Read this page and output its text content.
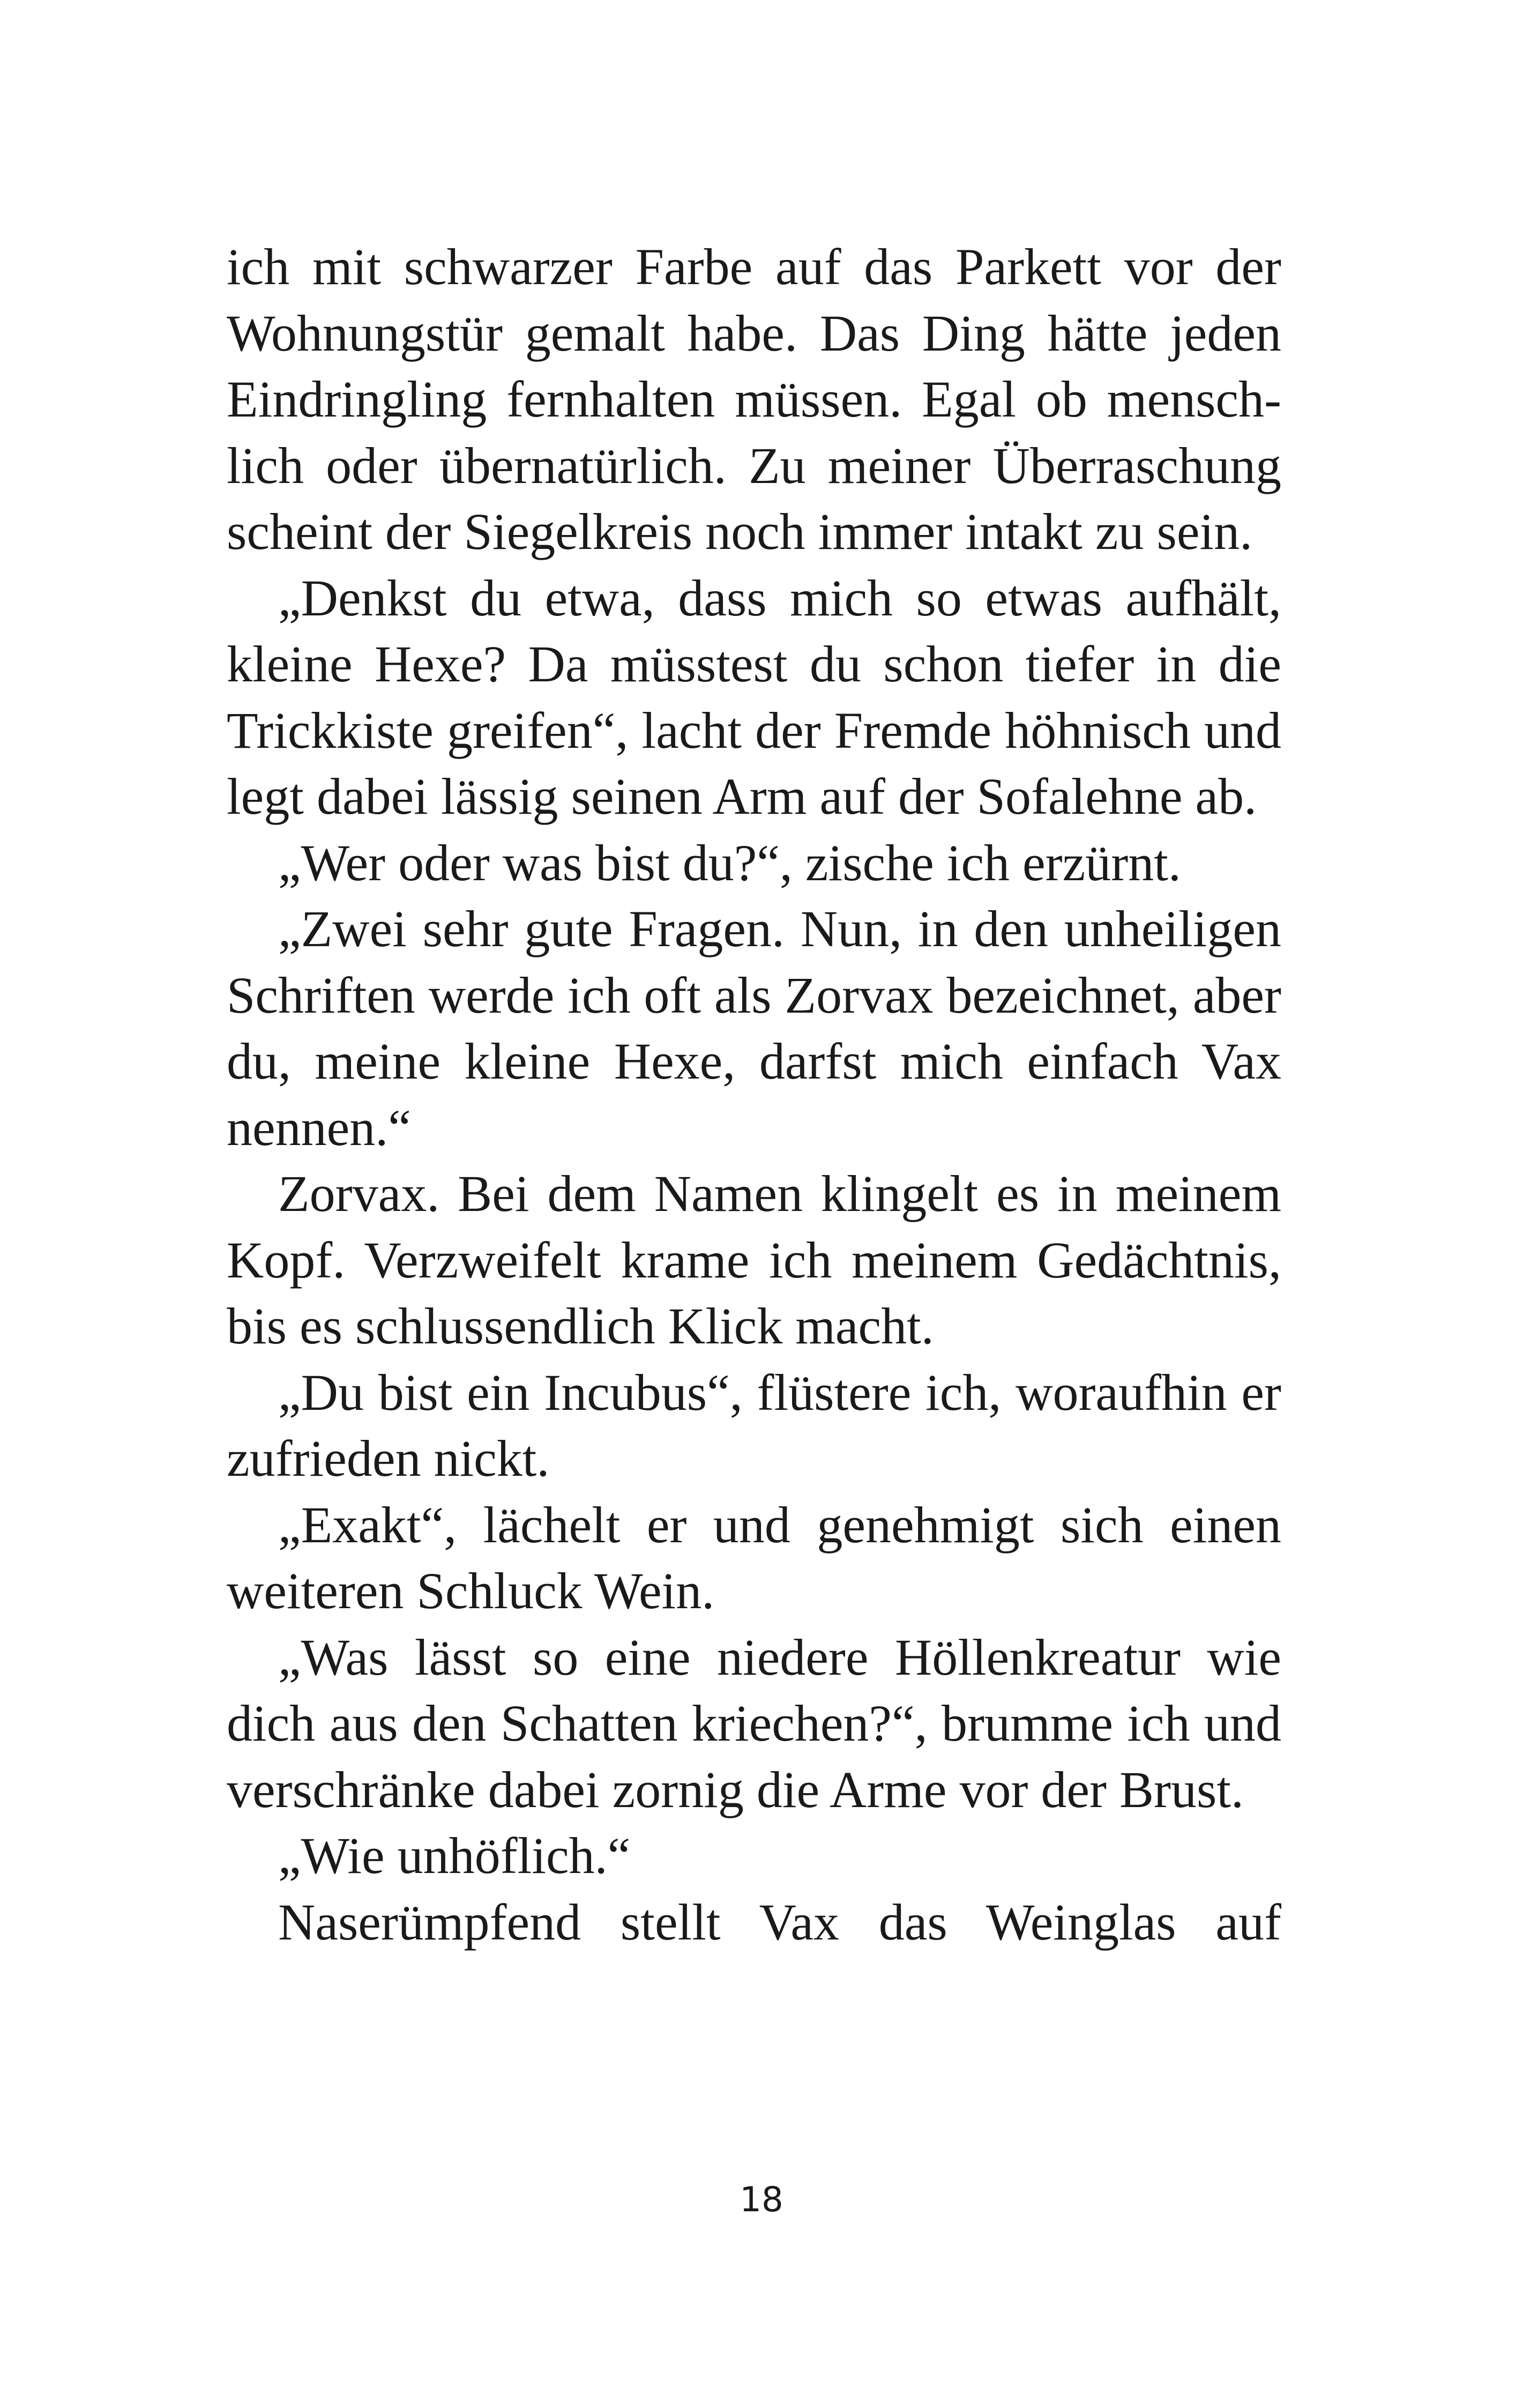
ich mit schwarzer Farbe auf das Parkett vor der Wohnungstür gemalt habe. Das Ding hätte jeden Eindringling fernhalten müssen. Egal ob menschlich oder übernatürlich. Zu meiner Überraschung scheint der Siegelkreis noch immer intakt zu sein.

„Denkst du etwa, dass mich so etwas aufhält, kleine Hexe? Da müsstest du schon tiefer in die Trickkiste greifen“, lacht der Fremde höhnisch und legt dabei lässig seinen Arm auf der Sofalehne ab.

„Wer oder was bist du?“, zische ich erzürnt.

„Zwei sehr gute Fragen. Nun, in den unheiligen Schriften werde ich oft als Zorvax bezeichnet, aber du, meine kleine Hexe, darfst mich einfach Vax nennen.“

Zorvax. Bei dem Namen klingelt es in meinem Kopf. Verzweifelt krame ich meinem Gedächtnis, bis es schlussendlich Klick macht.

„Du bist ein Incubus“, flüstere ich, woraufhin er zufrieden nickt.

„Exakt“, lächelt er und genehmigt sich einen weiteren Schluck Wein.

„Was lässt so eine niedere Höllenkreatur wie dich aus den Schatten kriechen?“, brumme ich und verschränke dabei zornig die Arme vor der Brust.

„Wie unhöflich.“

Naserümpfend stellt Vax das Weinglas auf

18
